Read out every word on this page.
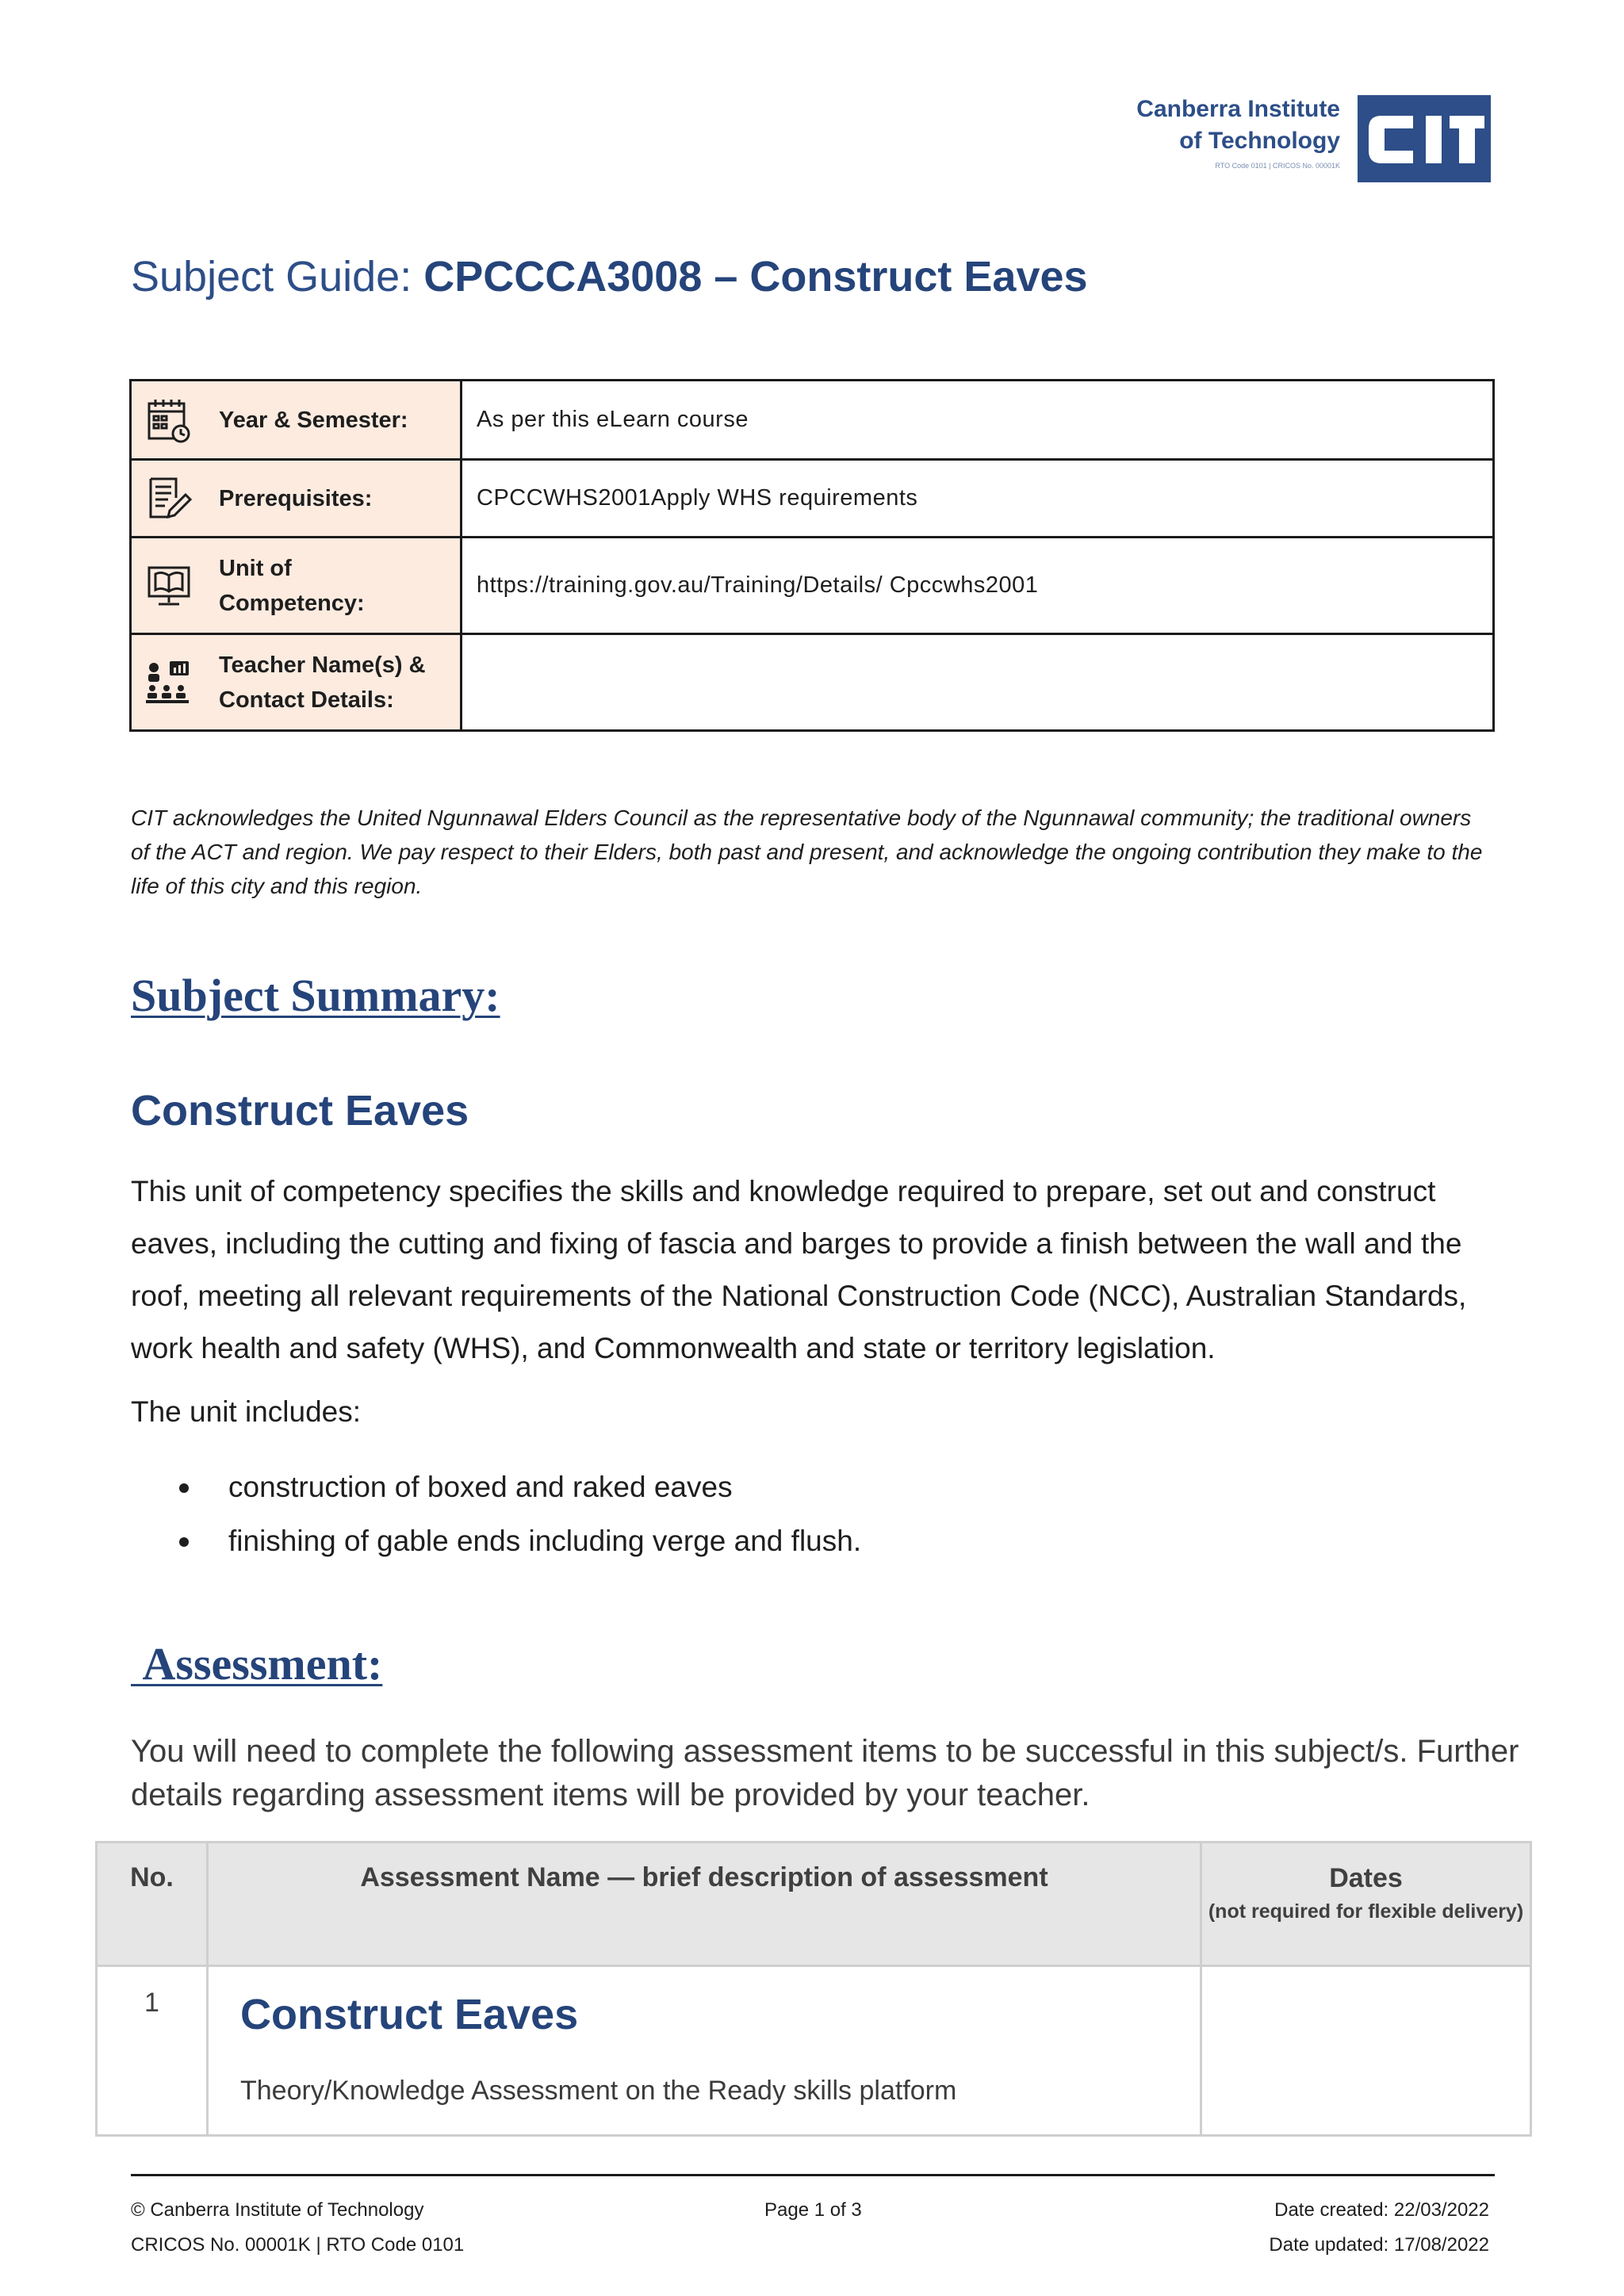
Canberra Institute
of Technology
RTO Code 0101 | CRICOS No. 00001K
Subject Guide: CPCCCA3008 – Construct Eaves
Year & Semester:	As per this eLearn course

Prerequisites:	CPCCWHS2001Apply WHS requirements

Unit of Competency:	https://training.gov.au/Training/Details/ Cpccwhs2001

Teacher Name(s) & Contact Details:	

CIT acknowledges the United Ngunnawal Elders Council as the representative body of the Ngunnawal community; the traditional owners of the ACT and region. We pay respect to their Elders, both past and present, and acknowledge the ongoing contribution they make to the life of this city and this region.
Subject Summary:
Construct Eaves
This unit of competency specifies the skills and knowledge required to prepare, set out and construct eaves, including the cutting and fixing of fascia and barges to provide a finish between the wall and the roof, meeting all relevant requirements of the National Construction Code (NCC), Australian Standards, work health and safety (WHS), and Commonwealth and state or territory legislation.
The unit includes:
construction of boxed and raked eaves
finishing of gable ends including verge and flush.
Assessment:
You will need to complete the following assessment items to be successful in this subject/s. Further details regarding assessment items will be provided by your teacher.
No.	Assessment Name — brief description of assessment	Dates
(not required for flexible delivery)

1	Construct Eaves
Theory/Knowledge Assessment on the Ready skills platform	

© Canberra Institute of Technology
CRICOS No. 00001K | RTO Code 0101
Page 1 of 3	Date created: 22/03/2022
Date updated: 17/08/2022
